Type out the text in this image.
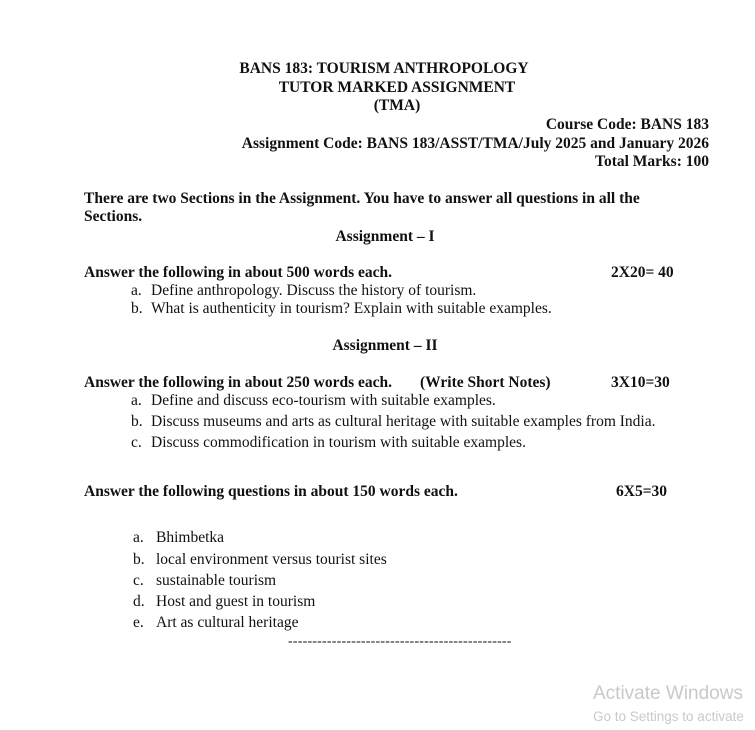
BANS 183: TOURISM ANTHROPOLOGY
TUTOR MARKED ASSIGNMENT
(TMA)
Course Code: BANS 183
Assignment Code: BANS 183/ASST/TMA/July 2025 and January 2026
Total Marks: 100
There are two Sections in the Assignment. You have to answer all questions in all the
Sections.
Assignment – I
Answer the following in about 500 words each.	2X20= 40
a. Define anthropology. Discuss the history of tourism.
b. What is authenticity in tourism? Explain with suitable examples.
Assignment – II
Answer the following in about 250 words each. (Write Short Notes)	3X10=30
a. Define and discuss eco-tourism with suitable examples.
b. Discuss museums and arts as cultural heritage with suitable examples from India.
c. Discuss commodification in tourism with suitable examples.
Answer the following questions in about 150 words each.	6X5=30
a. Bhimbetka
b. local environment versus tourist sites
c. sustainable tourism
d. Host and guest in tourism
e. Art as cultural heritage
----------------------------------------------
Activate Windows
Go to Settings to activate
